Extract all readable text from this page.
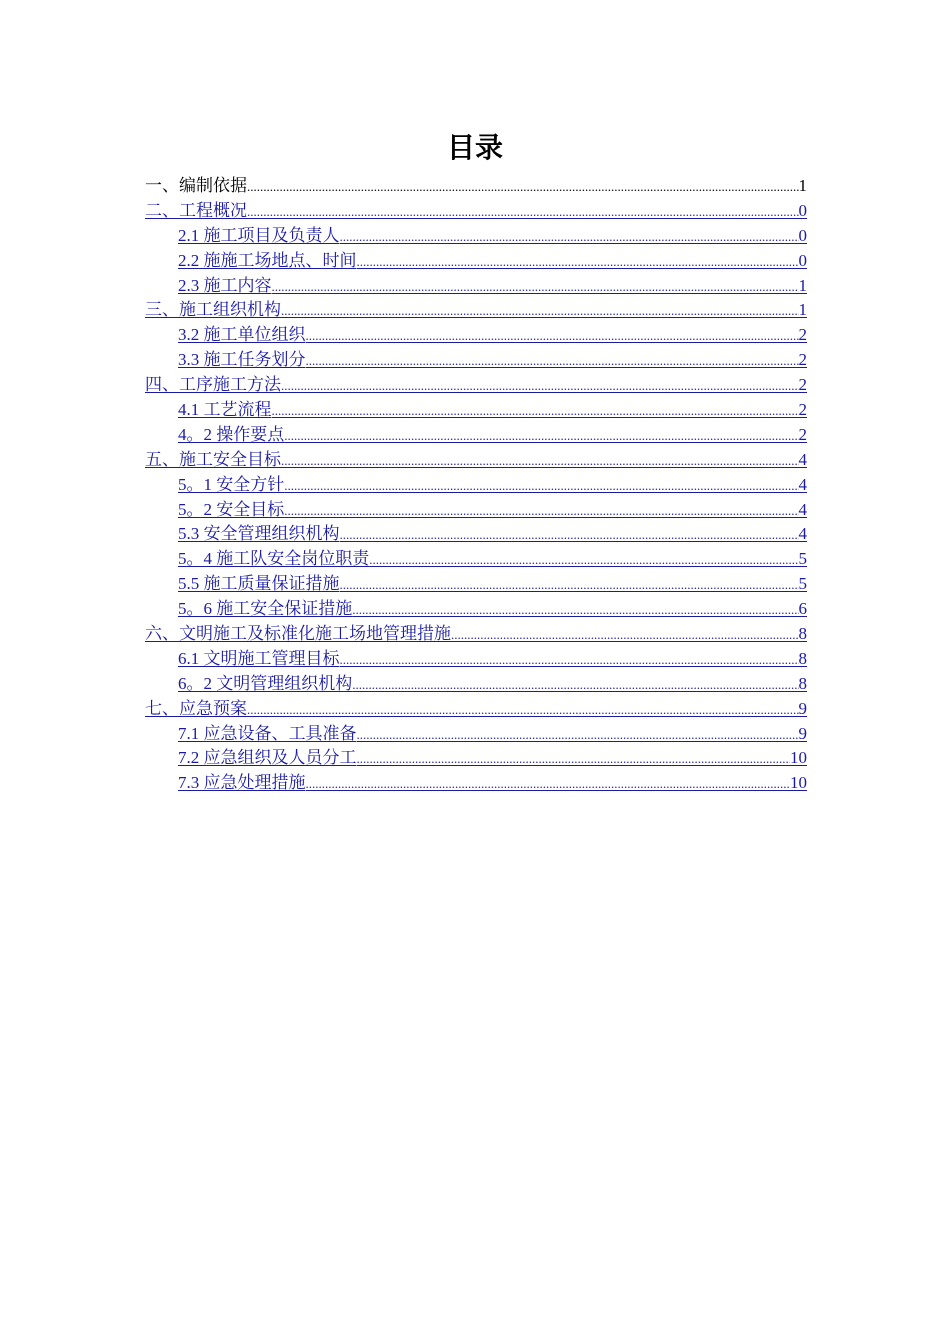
目录
一、编制依据 .....	1
二、工程概况 .....	0
2.1 施工项目及负责人 .....	0
2.2 施施工场地点、时间 .....	0
2.3 施工内容 .....	1
三、施工组织机构 .....	1
3.2 施工单位组织 .....	2
3.3 施工任务划分 .....	2
四、工序施工方法 .....	2
4.1 工艺流程 .....	2
4。2 操作要点 .....	2
五、施工安全目标 .....	4
5。1 安全方针 .....	4
5。2 安全目标 .....	4
5.3 安全管理组织机构 .....	4
5。4 施工队安全岗位职责 .....	5
5.5 施工质量保证措施 .....	5
5。6 施工安全保证措施 .....	6
六、文明施工及标准化施工场地管理措施 .....	8
6.1 文明施工管理目标 .....	8
6。2 文明管理组织机构 .....	8
七、应急预案 .....	9
7.1 应急设备、工具准备 .....	9
7.2 应急组织及人员分工 .....	10
7.3 应急处理措施 .....	10
